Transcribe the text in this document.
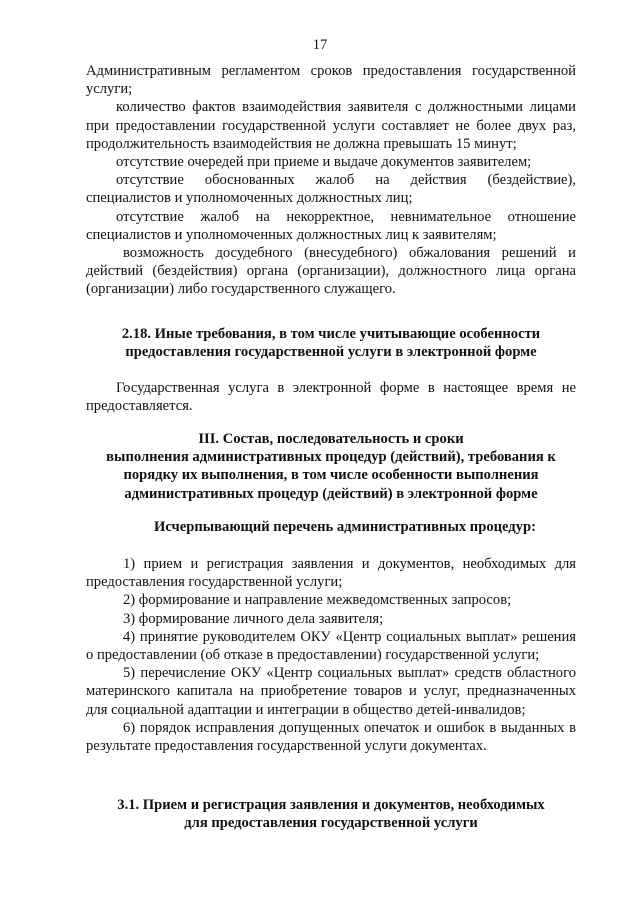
17

Административным регламентом сроков предоставления государственной услуги;

количество фактов взаимодействия заявителя с должностными лицами при предоставлении государственной услуги составляет не более двух раз, продолжительность взаимодействия не должна превышать 15 минут;

отсутствие очередей при приеме и выдаче документов заявителем;

отсутствие обоснованных жалоб на действия (бездействие), специалистов и уполномоченных должностных лиц;

отсутствие жалоб на некорректное, невнимательное отношение специалистов и уполномоченных должностных лиц к заявителям;

возможность досудебного (внесудебного) обжалования решений и действий (бездействия) органа (организации), должностного лица органа (организации) либо государственного служащего.

2.18. Иные требования, в том числе учитывающие особенности

предоставления государственной услуги в электронной форме

Государственная услуга в электронной форме в настоящее время не предоставляется.

III. Состав, последовательность и сроки

выполнения административных процедур (действий), требования к

порядку их выполнения, в том числе особенности выполнения

административных процедур (действий) в электронной форме

Исчерпывающий перечень административных процедур:

1) прием и регистрация заявления и документов, необходимых для предоставления государственной услуги;

2) формирование и направление межведомственных запросов;

3) формирование личного дела заявителя;

4) принятие руководителем ОКУ «Центр социальных выплат» решения о предоставлении (об отказе в предоставлении) государственной услуги;

5) перечисление ОКУ «Центр социальных выплат» средств областного материнского капитала на приобретение товаров и услуг, предназначенных для социальной адаптации и интеграции в общество детей-инвалидов;

6) порядок исправления допущенных опечаток и ошибок в выданных в результате предоставления государственной услуги документах.

3.1. Прием и регистрация заявления и документов, необходимых

для предоставления государственной услуги
